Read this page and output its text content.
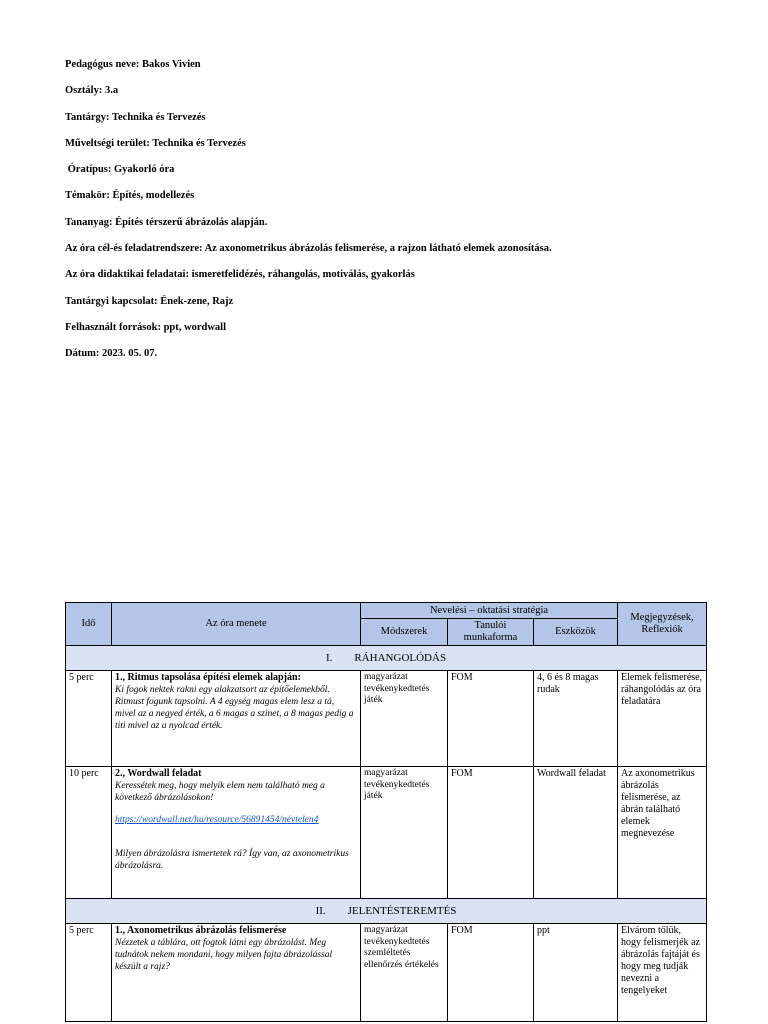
Pedagógus neve: Bakos Vivien

Osztály: 3.a

Tantárgy: Technika és Tervezés

Műveltségi terület: Technika és Tervezés

Óratípus: Gyakorló óra

Témakör: Építés, modellezés

Tananyag: Építés térszerű ábrázolás alapján.

Az óra cél-és feladatrendszere: Az axonometrikus ábrázolás felismerése, a rajzon látható elemek azonosítása.

Az óra didaktikai feladatai: ismeretfelidézés, ráhangolás, motiválás, gyakorlás

Tantárgyi kapcsolat: Ének-zene, Rajz

Felhasznált források: ppt, wordwall

Dátum: 2023. 05. 07.

Idő	Az óra menete	Nevelési – oktatási stratégia			Megjegyzések, Reflexiók
		Módszerek	Tanulói munkaforma	Eszközök	
I. RÁHANGOLÓDÁS					
5 perc	1., Ritmus tapsolása építési elemek alapján:
Ki fogok nektek rakni egy alakzatsort az építőelemekből. Ritmust fogunk tapsolni. A 4 egység magas elem lesz a tá, mivel az a negyed érték, a 6 magas a szinet, a 8 magas pedig a titi mivel az a nyolcad érték.	magyarázat tevékenykedtetés játék	FOM	4, 6 és 8 magas rudak	Elemek felismerése, ráhangolódás az óra feladatára
10 perc	2., Wordwall feladat
Keressétek meg, hogy melyik elem nem található meg a következő ábrázolásokon!
https://wordwall.net/hu/resource/56891454/névtelen4
Milyen ábrázolásra ismertetek rá? Így van, az axonometrikus ábrázolásra.	magyarázat tevékenykedtetés játék	FOM	Wordwall feladat	Az axonometrikus ábrázolás felismerése, az ábrán található elemek megnevezése
II. JELENTÉSTEREMTÉS					
5 perc	1., Axonometrikus ábrázolás felismerése
Nézzetek a táblára, ott fogtok látni egy ábrázolást. Meg tudnátok nekem mondani, hogy milyen fajta ábrázolással készült a rajz?	magyarázat tevékenykedtetés szemléltetés ellenőrzés értékelés	FOM	ppt	Elvárom tőlük, hogy felismerjék az ábrázolás fajtáját és hogy meg tudják nevezni a tengelyeket
